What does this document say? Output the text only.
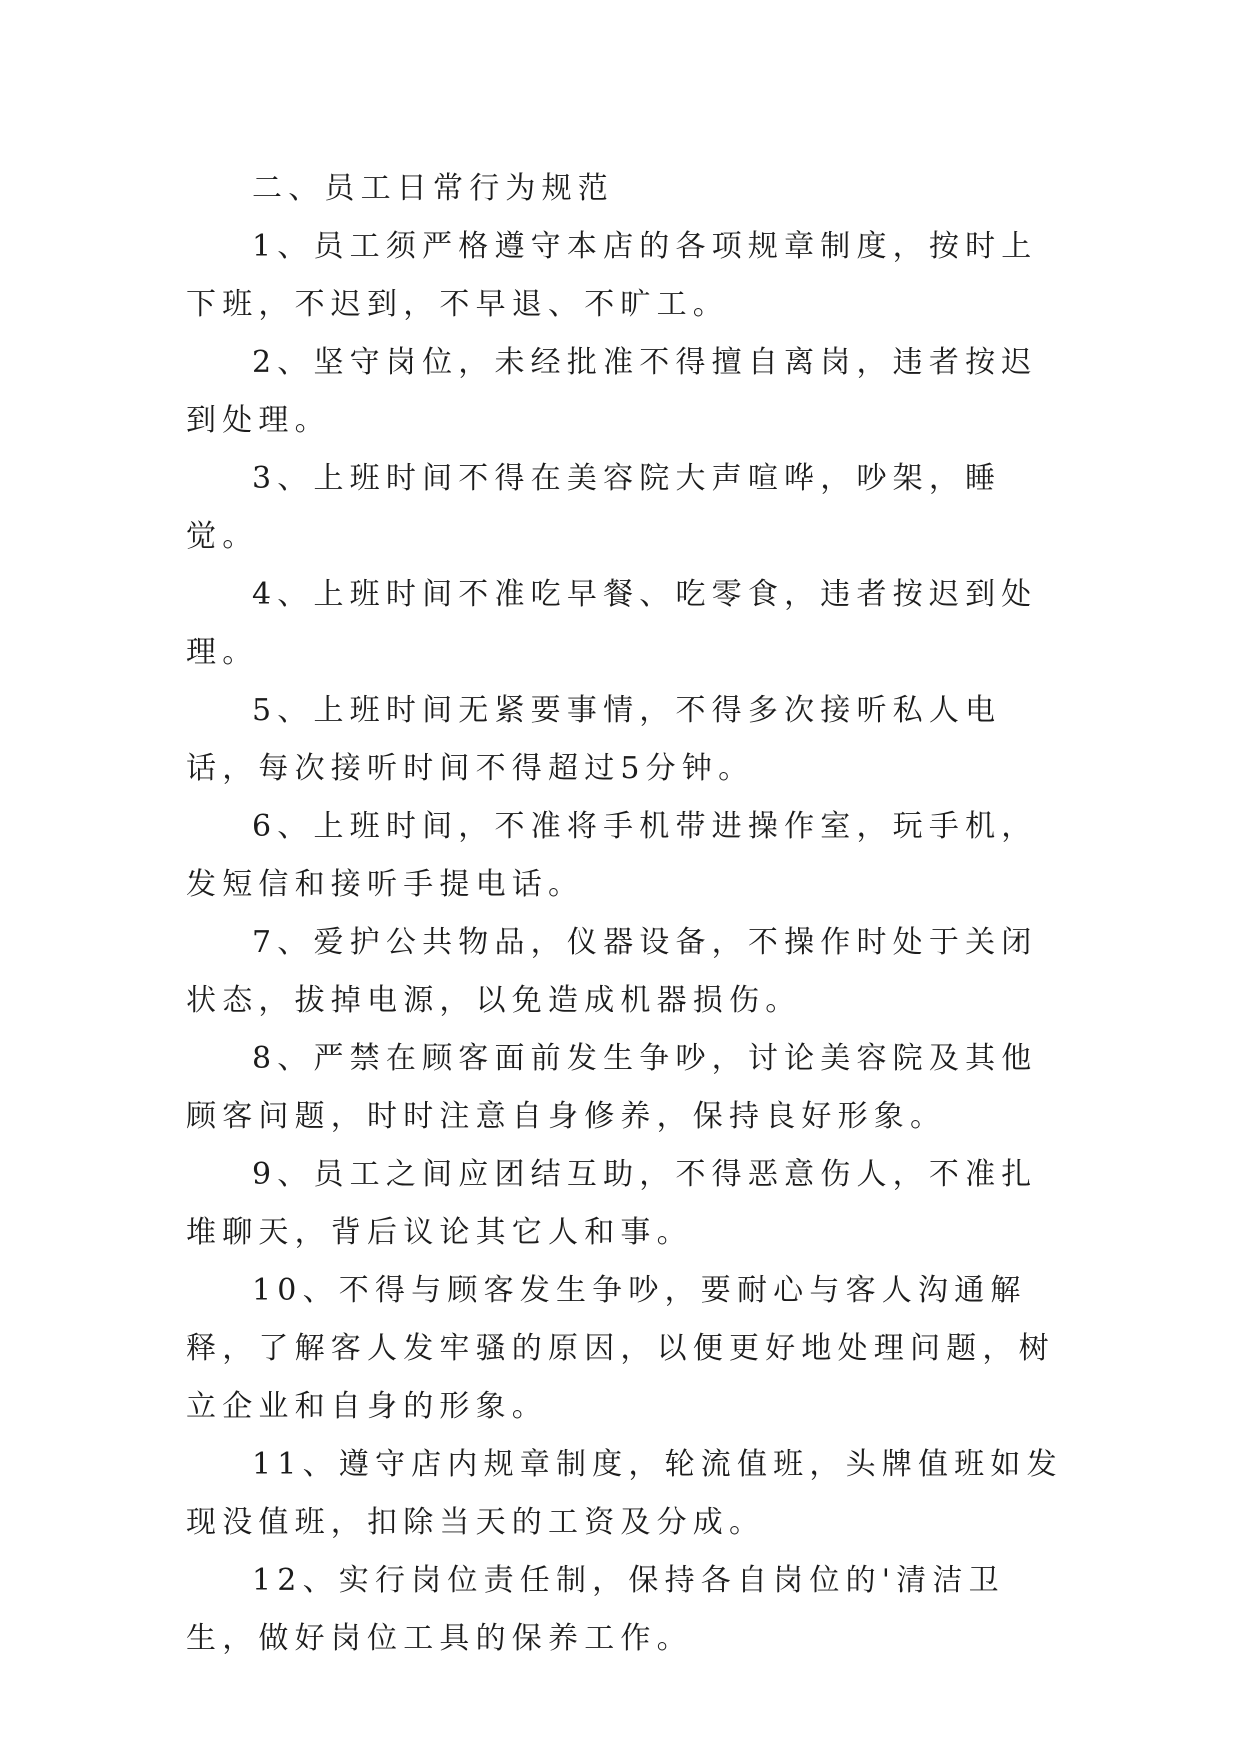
二、员工日常行为规范

1、员工须严格遵守本店的各项规章制度，按时上下班，不迟到，不早退、不旷工。

2、坚守岗位，未经批准不得擅自离岗，违者按迟到处理。

3、上班时间不得在美容院大声喧哗，吵架，睡觉。

4、上班时间不准吃早餐、吃零食，违者按迟到处理。

5、上班时间无紧要事情，不得多次接听私人电话，每次接听时间不得超过5分钟。

6、上班时间，不准将手机带进操作室，玩手机，发短信和接听手提电话。

7、爱护公共物品，仪器设备，不操作时处于关闭状态，拔掉电源，以免造成机器损伤。

8、严禁在顾客面前发生争吵，讨论美容院及其他顾客问题，时时注意自身修养，保持良好形象。

9、员工之间应团结互助，不得恶意伤人，不准扎堆聊天，背后议论其它人和事。

10、不得与顾客发生争吵，要耐心与客人沟通解释，了解客人发牢骚的原因，以便更好地处理问题，树立企业和自身的形象。

11、遵守店内规章制度，轮流值班，头牌值班如发现没值班，扣除当天的工资及分成。

12、实行岗位责任制，保持各自岗位的'清洁卫生，做好岗位工具的保养工作。
